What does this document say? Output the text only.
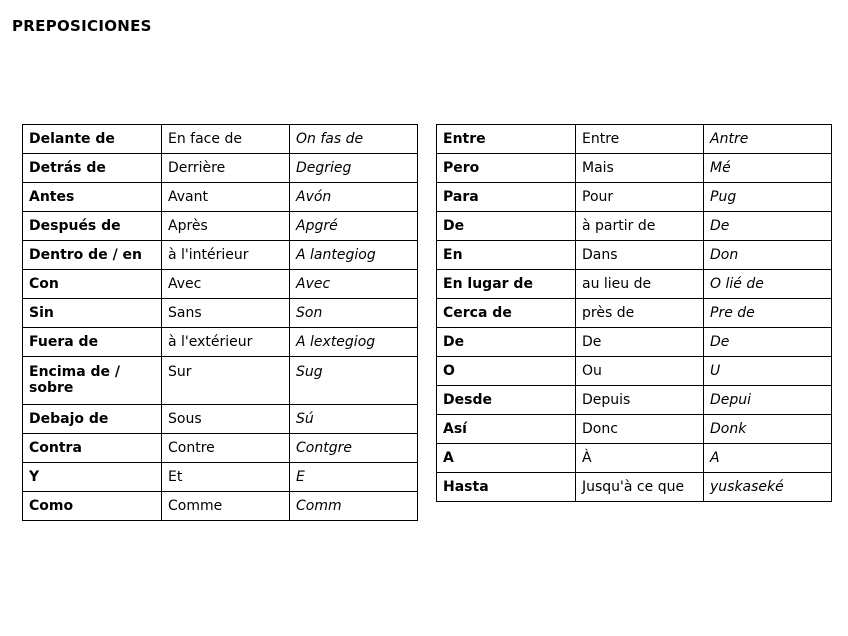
PREPOSICIONES
Delante de	En face de	On fas de
Detrás de	Derrière	Degrieg
Antes	Avant	Avón
Después de	Après	Apgré
Dentro de / en	à l'intérieur	A lantegiog
Con	Avec	Avec
Sin	Sans	Son
Fuera de	à l'extérieur	A lextegiog
Encima de / sobre	Sur	Sug
Debajo de	Sous	Sú
Contra	Contre	Contgre
Y	Et	E
Como	Comme	Comm
Entre	Entre	Antre
Pero	Mais	Mé
Para	Pour	Pug
De	à partir de	De
En	Dans	Don
En lugar de	au lieu de	O lié de
Cerca de	près de	Pre de
De	De	De
O	Ou	U
Desde	Depuis	Depui
Así	Donc	Donk
A	À	A
Hasta	Jusqu'à ce que	yuskaseké
